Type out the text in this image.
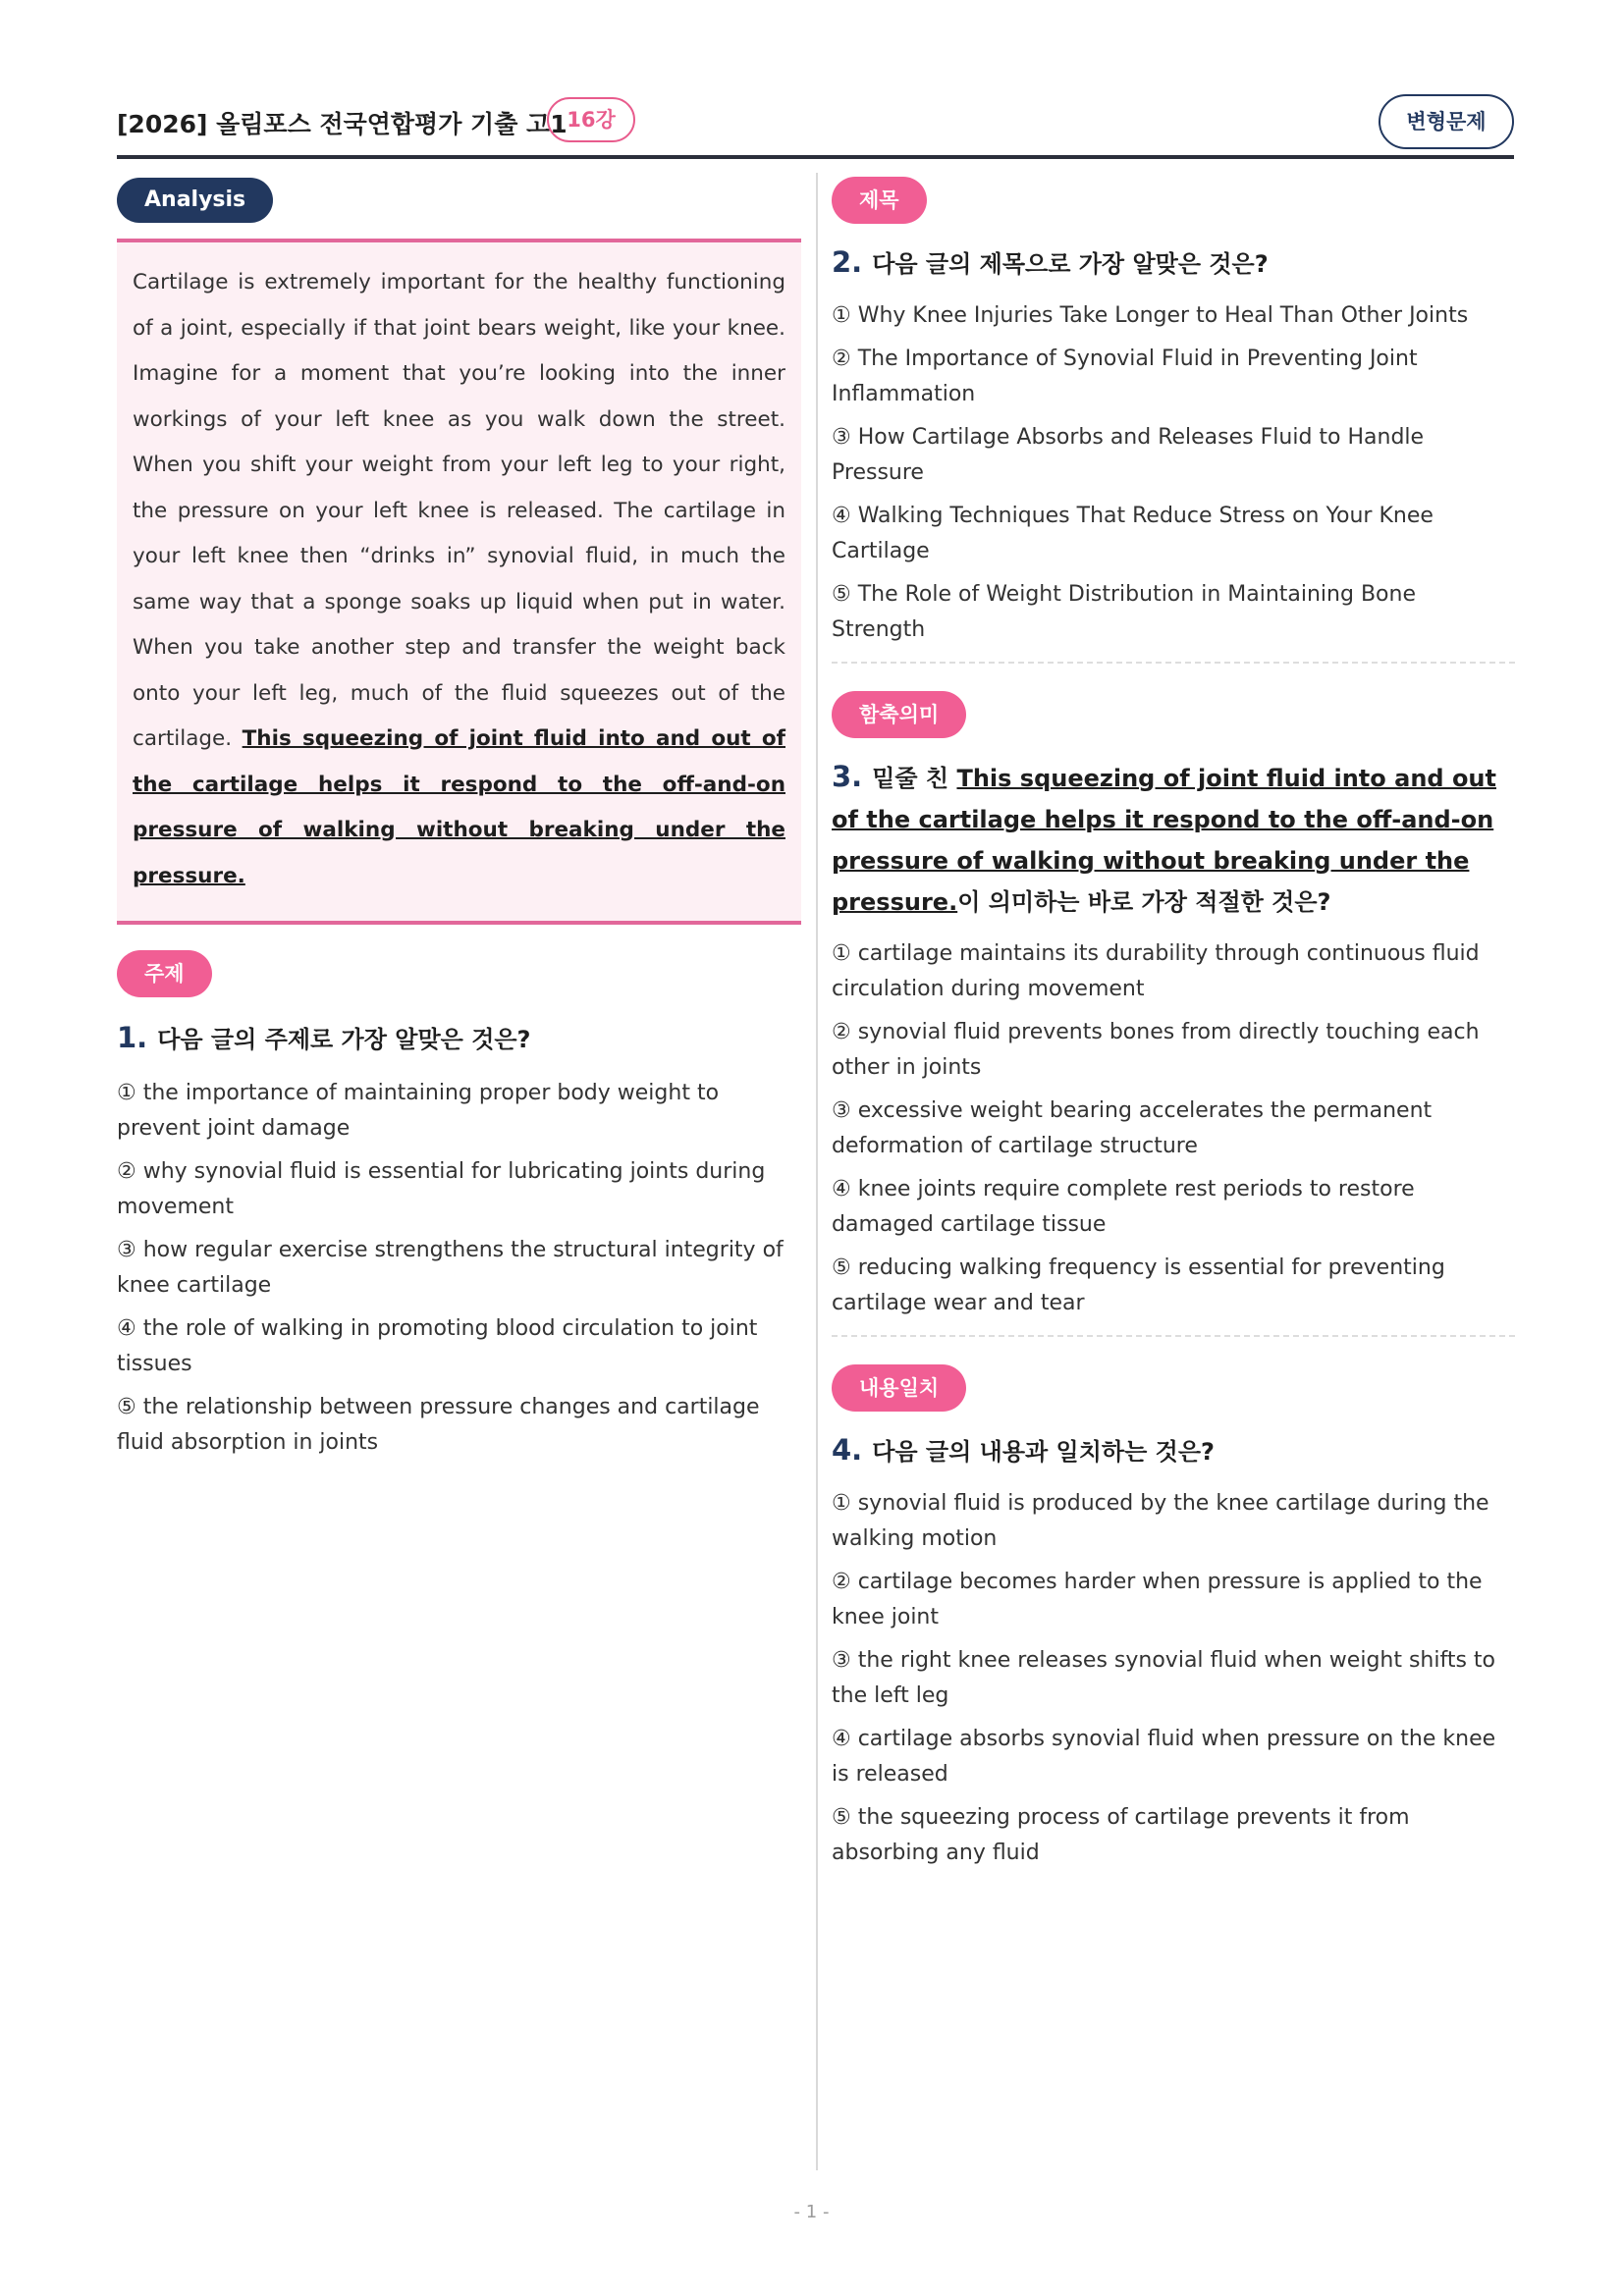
[2026] 올림포스 전국연합평가 기출 고1 16강	변형문제
Analysis

Cartilage is extremely important for the healthy functioning of a joint, especially if that joint bears weight, like your knee. Imagine for a moment that you’re looking into the inner workings of your left knee as you walk down the street. When you shift your weight from your left leg to your right, the pressure on your left knee is released. The cartilage in your left knee then “drinks in” synovial fluid, in much the same way that a sponge soaks up liquid when put in water. When you take another step and transfer the weight back onto your left leg, much of the fluid squeezes out of the cartilage. This squeezing of joint fluid into and out of the cartilage helps it respond to the off-and-on pressure of walking without breaking under the pressure.

주제
1. 다음 글의 주제로 가장 알맞은 것은?
① the importance of maintaining proper body weight to prevent joint damage
② why synovial fluid is essential for lubricating joints during movement
③ how regular exercise strengthens the structural integrity of knee cartilage
④ the role of walking in promoting blood circulation to joint tissues
⑤ the relationship between pressure changes and cartilage fluid absorption in joints
제목
2. 다음 글의 제목으로 가장 알맞은 것은?
① Why Knee Injuries Take Longer to Heal Than Other Joints
② The Importance of Synovial Fluid in Preventing Joint Inflammation
③ How Cartilage Absorbs and Releases Fluid to Handle Pressure
④ Walking Techniques That Reduce Stress on Your Knee Cartilage
⑤ The Role of Weight Distribution in Maintaining Bone Strength
함축의미
3. 밑줄 친 This squeezing of joint fluid into and out of the cartilage helps it respond to the off-and-on pressure of walking without breaking under the pressure.이 의미하는 바로 가장 적절한 것은?
① cartilage maintains its durability through continuous fluid circulation during movement
② synovial fluid prevents bones from directly touching each other in joints
③ excessive weight bearing accelerates the permanent deformation of cartilage structure
④ knee joints require complete rest periods to restore damaged cartilage tissue
⑤ reducing walking frequency is essential for preventing cartilage wear and tear
내용일치
4. 다음 글의 내용과 일치하는 것은?
① synovial fluid is produced by the knee cartilage during the walking motion
② cartilage becomes harder when pressure is applied to the knee joint
③ the right knee releases synovial fluid when weight shifts to the left leg
④ cartilage absorbs synovial fluid when pressure on the knee is released
⑤ the squeezing process of cartilage prevents it from absorbing any fluid
- 1 -
